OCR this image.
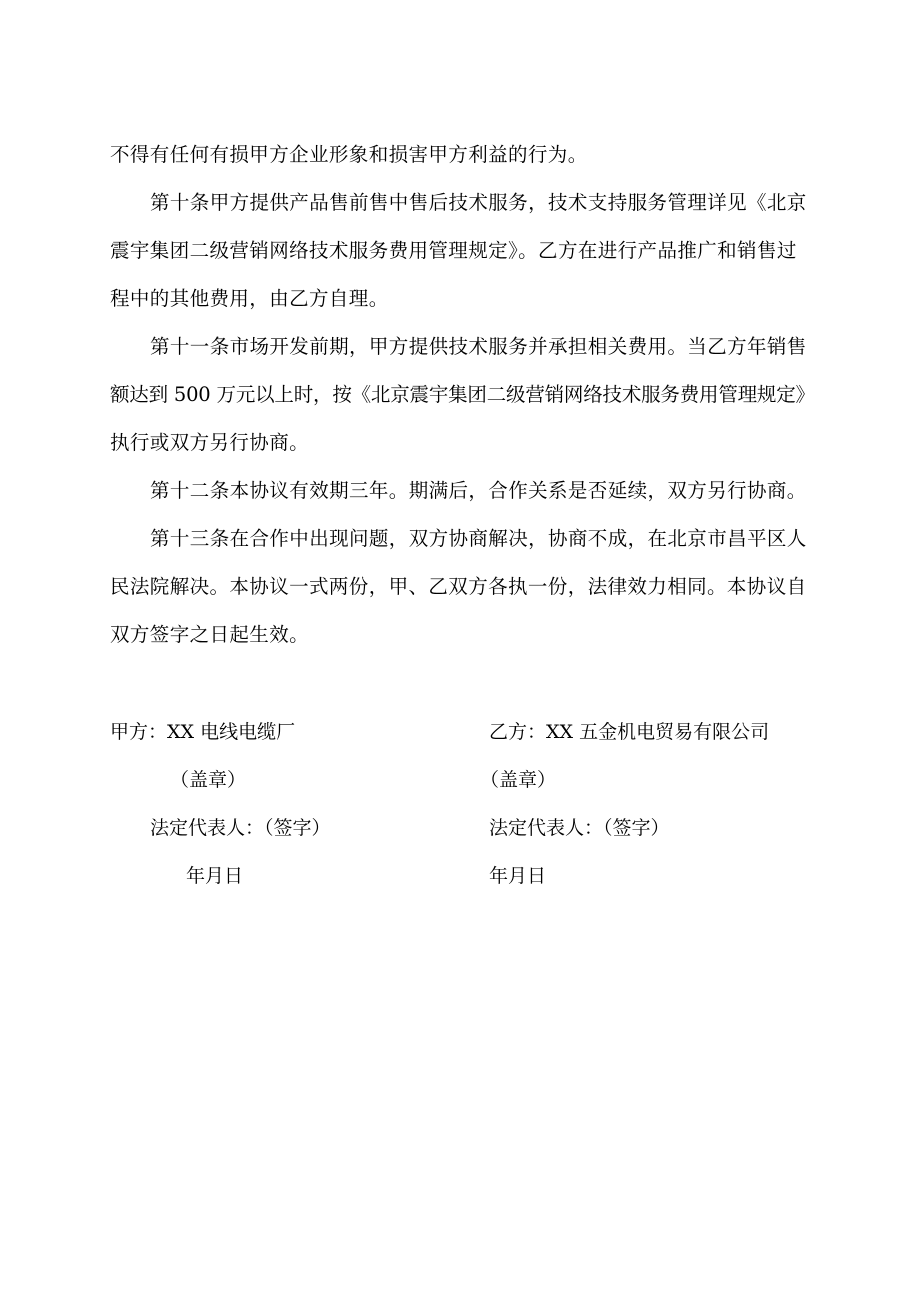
不得有任何有损甲方企业形象和损害甲方利益的行为。
第十条甲方提供产品售前售中售后技术服务，技术支持服务管理详见《北京
震宇集团二级营销网络技术服务费用管理规定》。乙方在进行产品推广和销售过
程中的其他费用，由乙方自理。
第十一条市场开发前期，甲方提供技术服务并承担相关费用。当乙方年销售
额达到 500 万元以上时，按《北京震宇集团二级营销网络技术服务费用管理规定》
执行或双方另行协商。
第十二条本协议有效期三年。期满后，合作关系是否延续，双方另行协商。
第十三条在合作中出现问题，双方协商解决，协商不成，在北京市昌平区人
民法院解决。本协议一式两份，甲、乙双方各执一份，法律效力相同。本协议自
双方签字之日起生效。
甲方：XX 电线电缆厂
（盖章）
法定代表人：（签字）
年月日
乙方：XX 五金机电贸易有限公司
（盖章）
法定代表人：（签字）
年月日
